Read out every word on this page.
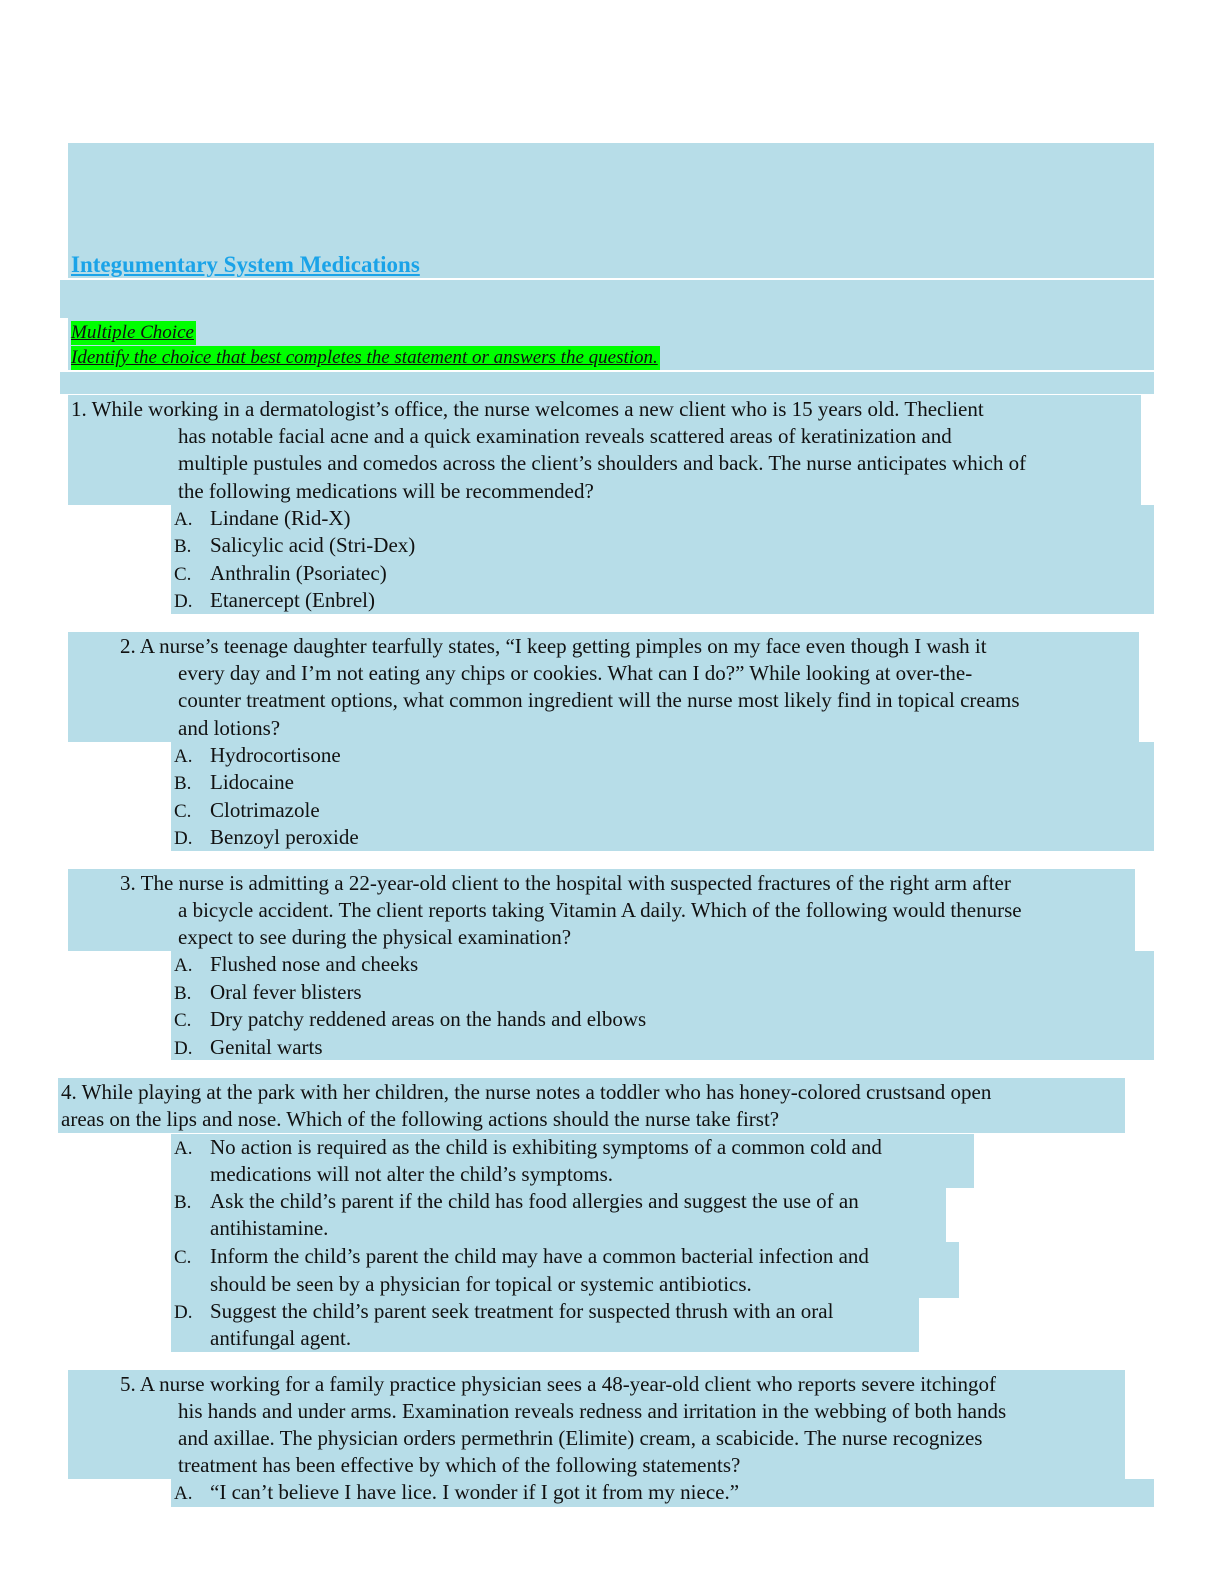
Integumentary System Medications
Multiple Choice
Identify the choice that best completes the statement or answers the question.
1. While working in a dermatologist’s office, the nurse welcomes a new client who is 15 years old. Theclient
has notable facial acne and a quick examination reveals scattered areas of keratinization and
multiple pustules and comedos across the client’s shoulders and back. The nurse anticipates which of
the following medications will be recommended?
A. Lindane (Rid-X)
B. Salicylic acid (Stri-Dex)
C. Anthralin (Psoriatec)
D. Etanercept (Enbrel)
2. A nurse’s teenage daughter tearfully states, “I keep getting pimples on my face even though I wash it
every day and I’m not eating any chips or cookies. What can I do?” While looking at over-the-
counter treatment options, what common ingredient will the nurse most likely find in topical creams
and lotions?
A. Hydrocortisone
B. Lidocaine
C. Clotrimazole
D. Benzoyl peroxide
3. The nurse is admitting a 22-year-old client to the hospital with suspected fractures of the right arm after
a bicycle accident. The client reports taking Vitamin A daily. Which of the following would thenurse
expect to see during the physical examination?
A. Flushed nose and cheeks
B. Oral fever blisters
C. Dry patchy reddened areas on the hands and elbows
D. Genital warts
4. While playing at the park with her children, the nurse notes a toddler who has honey-colored crustsand open
areas on the lips and nose. Which of the following actions should the nurse take first?
A. No action is required as the child is exhibiting symptoms of a common cold and
medications will not alter the child’s symptoms.
B. Ask the child’s parent if the child has food allergies and suggest the use of an
antihistamine.
C. Inform the child’s parent the child may have a common bacterial infection and
should be seen by a physician for topical or systemic antibiotics.
D. Suggest the child’s parent seek treatment for suspected thrush with an oral
antifungal agent.
5. A nurse working for a family practice physician sees a 48-year-old client who reports severe itchingof
his hands and under arms. Examination reveals redness and irritation in the webbing of both hands
and axillae. The physician orders permethrin (Elimite) cream, a scabicide. The nurse recognizes
treatment has been effective by which of the following statements?
A. “I can’t believe I have lice. I wonder if I got it from my niece.”
